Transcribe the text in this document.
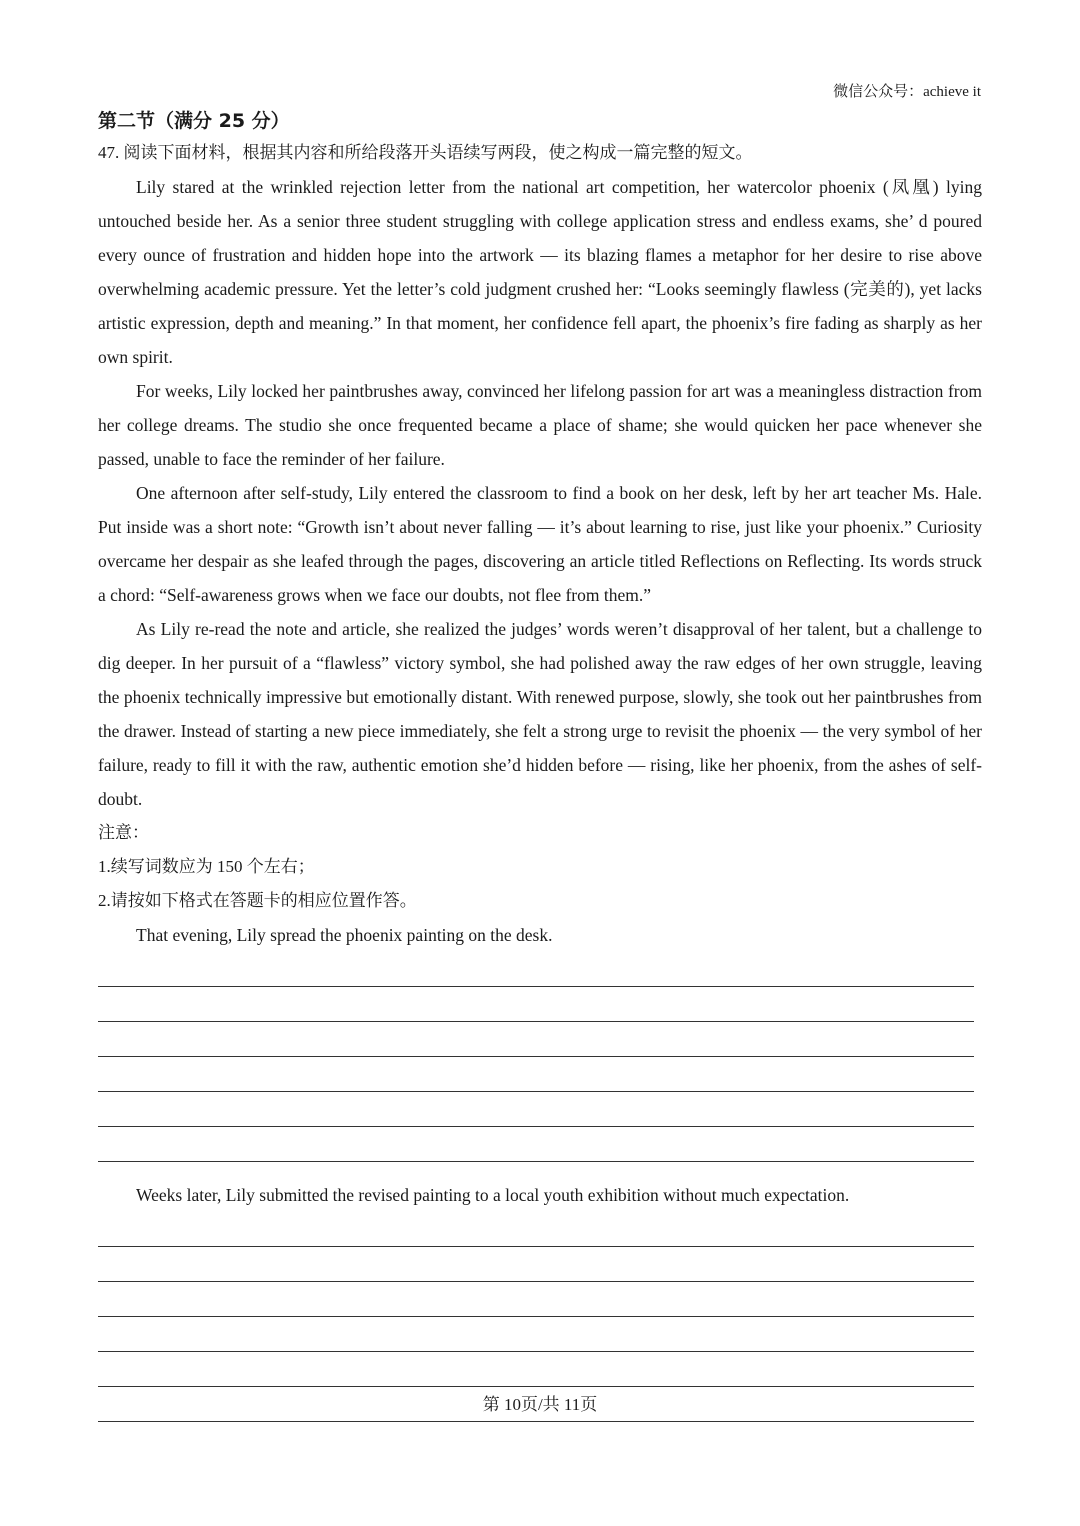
微信公众号：achieve it

第二节（满分 25 分）

47. 阅读下面材料，根据其内容和所给段落开头语续写两段，使之构成一篇完整的短文。

Lily stared at the wrinkled rejection letter from the national art competition, her watercolor phoenix (凤凰) lying untouched beside her. As a senior three student struggling with college application stress and endless exams, she’ d poured every ounce of frustration and hidden hope into the artwork — its blazing flames a metaphor for her desire to rise above overwhelming academic pressure. Yet the letter’s cold judgment crushed her: “Looks seemingly flawless (完美的), yet lacks artistic expression, depth and meaning.” In that moment, her confidence fell apart, the phoenix’s fire fading as sharply as her own spirit.

For weeks, Lily locked her paintbrushes away, convinced her lifelong passion for art was a meaningless distraction from her college dreams. The studio she once frequented became a place of shame; she would quicken her pace whenever she passed, unable to face the reminder of her failure.

One afternoon after self-study, Lily entered the classroom to find a book on her desk, left by her art teacher Ms. Hale. Put inside was a short note: “Growth isn’t about never falling — it’s about learning to rise, just like your phoenix.” Curiosity overcame her despair as she leafed through the pages, discovering an article titled Reflections on Reflecting. Its words struck a chord: “Self-awareness grows when we face our doubts, not flee from them.”

As Lily re-read the note and article, she realized the judges’ words weren’t disapproval of her talent, but a challenge to dig deeper. In her pursuit of a “flawless” victory symbol, she had polished away the raw edges of her own struggle, leaving the phoenix technically impressive but emotionally distant. With renewed purpose, slowly, she took out her paintbrushes from the drawer. Instead of starting a new piece immediately, she felt a strong urge to revisit the phoenix — the very symbol of her failure, ready to fill it with the raw, authentic emotion she’d hidden before — rising, like her phoenix, from the ashes of self-doubt.

注意：

1.续写词数应为 150 个左右；

2.请按如下格式在答题卡的相应位置作答。

That evening, Lily spread the phoenix painting on the desk.

Weeks later, Lily submitted the revised painting to a local youth exhibition without much expectation.

第 10页/共 11页
